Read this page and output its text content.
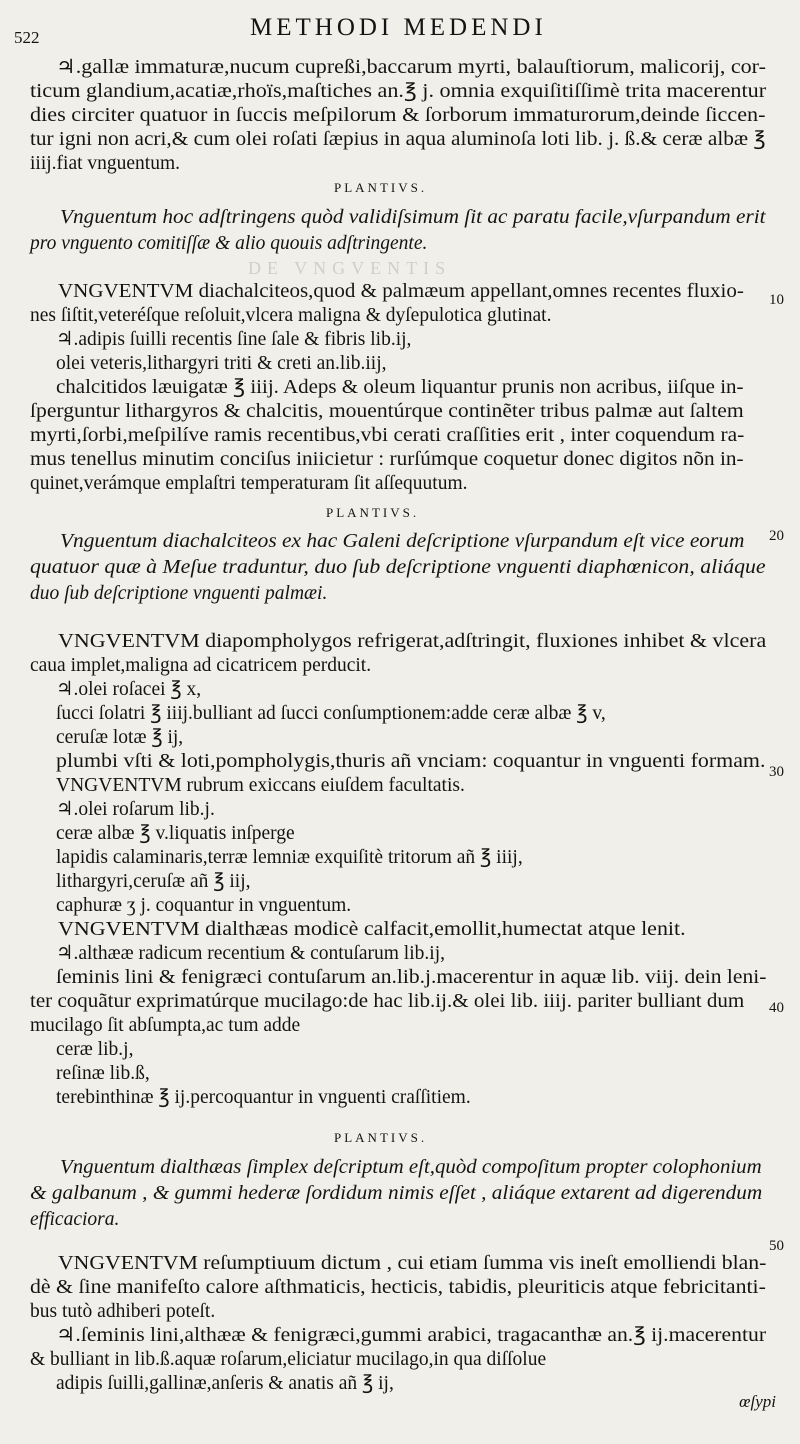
DE VNGVENTIS
522	METHODI MEDENDI
10
20
30
40
50
PLANTIVS.
PLANTIVS.
PLANTIVS.
♃.gallæ immaturæ,nucum cupreßi,baccarum myrti, balauſtiorum, malicorij, cor-
ticum glandium,acatiæ,rhoïs,maſtiches an.℥ j. omnia exquiſitiſſimè trita macerentur
dies circiter quatuor in ſuccis meſpilorum & ſorborum immaturorum,deinde ſiccen-
tur igni non acri,& cum olei roſati ſæpius in aqua aluminoſa loti lib. j. ß.& ceræ albæ ℥
iiij.fiat vnguentum.
Vnguentum hoc adſtringens quòd validiſsimum ſit ac paratu facile,vſurpandum erit
pro vnguento comitiſſæ & alio quouis adſtringente.
VNGVENTVM diachalciteos,quod & palmæum appellant,omnes recentes fluxio-
nes ſiſtit,veteréſque reſoluit,vlcera maligna & dyſepulotica glutinat.
♃.adipis ſuilli recentis ſine ſale & fibris lib.ij,
olei veteris,lithargyri triti & creti an.lib.iij,
chalcitidos læuigatæ ℥ iiij. Adeps & oleum liquantur prunis non acribus, iiſque in-
ſperguntur lithargyros & chalcitis, mouentúrque continẽter tribus palmæ aut ſaltem
myrti,ſorbi,meſpilíve ramis recentibus,vbi cerati craſſities erit , inter coquendum ra-
mus tenellus minutim conciſus iniicietur : rurſúmque coquetur donec digitos nõn in-
quinet,verámque emplaſtri temperaturam ſit aſſequutum.
Vnguentum diachalciteos ex hac Galeni deſcriptione vſurpandum eſt vice eorum
quatuor quæ à Meſue traduntur, duo ſub deſcriptione vnguenti diaphœnicon, aliáque
duo ſub deſcriptione vnguenti palmæi.
VNGVENTVM diapompholygos refrigerat,adſtringit, fluxiones inhibet & vlcera
caua implet,maligna ad cicatricem perducit.
♃.olei roſacei ℥ x,
ſucci ſolatri ℥ iiij.bulliant ad ſucci conſumptionem:adde ceræ albæ ℥ v,
ceruſæ lotæ ℥ ij,
plumbi vſti & loti,pompholygis,thuris añ vnciam: coquantur in vnguenti formam.
VNGVENTVM rubrum exiccans eiuſdem facultatis.
♃.olei roſarum lib.j.
ceræ albæ ℥ v.liquatis inſperge
lapidis calaminaris,terræ lemniæ exquiſitè tritorum añ ℥ iiij,
lithargyri,ceruſæ añ ℥ iij,
caphuræ ʒ j. coquantur in vnguentum.
VNGVENTVM dialthæas modicè calfacit,emollit,humectat atque lenit.
♃.althææ radicum recentium & contuſarum lib.ij,
ſeminis lini & fenigræci contuſarum an.lib.j.macerentur in aquæ lib. viij. dein leni-
ter coquãtur exprimatúrque mucilago:de hac lib.ij.& olei lib. iiij. pariter bulliant dum
mucilago ſit abſumpta,ac tum adde
ceræ lib.j,
reſinæ lib.ß,
terebinthinæ ℥ ij.percoquantur in vnguenti craſſitiem.
Vnguentum dialthæas ſimplex deſcriptum eſt,quòd compoſitum propter colophonium
& galbanum , & gummi hederæ ſordidum nimis eſſet , aliáque extarent ad digerendum
efficaciora.
VNGVENTVM reſumptiuum dictum , cui etiam ſumma vis ineſt emolliendi blan-
dè & ſine manifeſto calore aſthmaticis, hecticis, tabidis, pleuriticis atque febricitanti-
bus tutò adhiberi poteſt.
♃.ſeminis lini,althææ & fenigræci,gummi arabici, tragacanthæ an.℥ ij.macerentur
& bulliant in lib.ß.aquæ roſarum,eliciatur mucilago,in qua diſſolue
adipis ſuilli,gallinæ,anſeris & anatis añ ℥ ij,
œſypi
